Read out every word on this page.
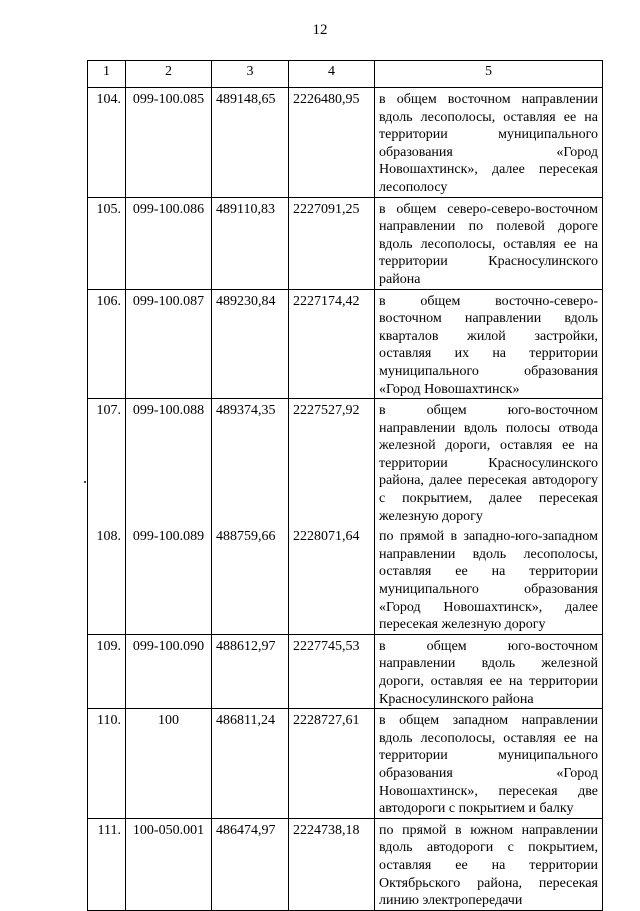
12
1	2	3	4	5
104.	099-100.085	489148,65	2226480,95	в общем восточном направлении вдоль лесополосы, оставляя ее на территории муниципального образования «Город Новошахтинск», далее пересекая лесополосу
105.	099-100.086	489110,83	2227091,25	в общем северо-северо-восточном направлении по полевой дороге вдоль лесополосы, оставляя ее на территории Красносулинского района
106.	099-100.087	489230,84	2227174,42	в общем восточно-северо-восточном направлении вдоль кварталов жилой застройки, оставляя их на территории муниципального образования «Город Новошахтинск»
107.	099-100.088	489374,35	2227527,92	в общем юго-восточном направлении вдоль полосы отвода железной дороги, оставляя ее на территории Красносулинского района, далее пересекая автодорогу с покрытием, далее пересекая железную дорогу
108.	099-100.089	488759,66	2228071,64	по прямой в западно-юго-западном направлении вдоль лесополосы, оставляя ее на территории муниципального образования «Город Новошахтинск», далее пересекая железную дорогу
109.	099-100.090	488612,97	2227745,53	в общем юго-восточном направлении вдоль железной дороги, оставляя ее на территории Красносулинского района
110.	100	486811,24	2228727,61	в общем западном направлении вдоль лесополосы, оставляя ее на территории муниципального образования «Город Новошахтинск», пересекая две автодороги с покрытием и балку
111.	100-050.001	486474,97	2224738,18	по прямой в южном направлении вдоль автодороги с покрытием, оставляя ее на территории Октябрьского района, пересекая линию электропередачи
